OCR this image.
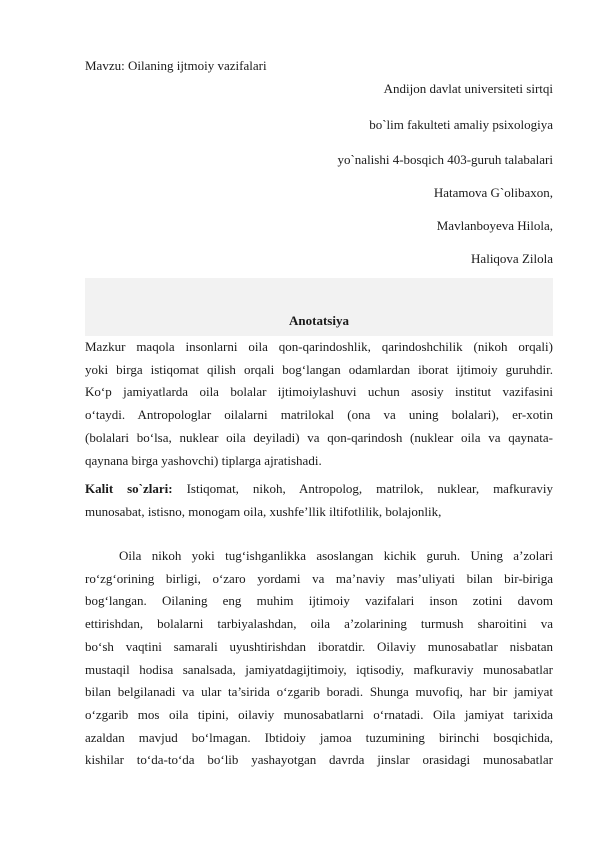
Mavzu: Oilaning ijtmoiy vazifalari
Andijon davlat universiteti sirtqi
bo`lim fakulteti amaliy psixologiya
yo`nalishi 4-bosqich 403-guruh talabalari
Hatamova G`olibaxon,
Mavlanboyeva Hilola,
Haliqova Zilola
Anotatsiya
Mazkur maqola insonlarni oila qon-qarindoshlik, qarindoshchilik (nikoh orqali)
yoki birga istiqomat qilish orqali bog‘langan odamlardan iborat ijtimoiy guruhdir.
Ko‘p jamiyatlarda oila bolalar ijtimoiylashuvi uchun asosiy institut vazifasini
o‘taydi. Antropologlar oilalarni matrilokal (ona va uning bolalari), er-xotin
(bolalari bo‘lsa, nuklear oila deyiladi) va qon-qarindosh (nuklear oila va qaynata-
qaynana birga yashovchi) tiplarga ajratishadi.
Kalit so`zlari: Istiqomat, nikoh, Antropolog, matrilok, nuklear, mafkuraviy
munosabat, istisno, monogam oila, xushfe’llik iltifotlilik, bolajonlik,
Oila nikoh yoki tug‘ishganlikka asoslangan kichik guruh. Uning a’zolari
ro‘zg‘orining birligi, o‘zaro yordami va ma’naviy mas’uliyati bilan bir-biriga
bog‘langan. Oilaning eng muhim ijtimoiy vazifalari inson zotini davom
ettirishdan, bolalarni tarbiyalashdan, oila a’zolarining turmush sharoitini va
bo‘sh vaqtini samarali uyushtirishdan iboratdir. Oilaviy munosabatlar nisbatan
mustaqil hodisa sanalsada, jamiyatdagijtimoiy, iqtisodiy, mafkuraviy munosabatlar
bilan belgilanadi va ular ta’sirida o‘zgarib boradi. Shunga muvofiq, har bir jamiyat
o‘zgarib mos oila tipini, oilaviy munosabatlarni o‘rnatadi. Oila jamiyat tarixida
azaldan mavjud bo‘lmagan. Ibtidoiy jamoa tuzumining birinchi bosqichida,
kishilar to‘da-to‘da bo‘lib yashayotgan davrda jinslar orasidagi munosabatlar
